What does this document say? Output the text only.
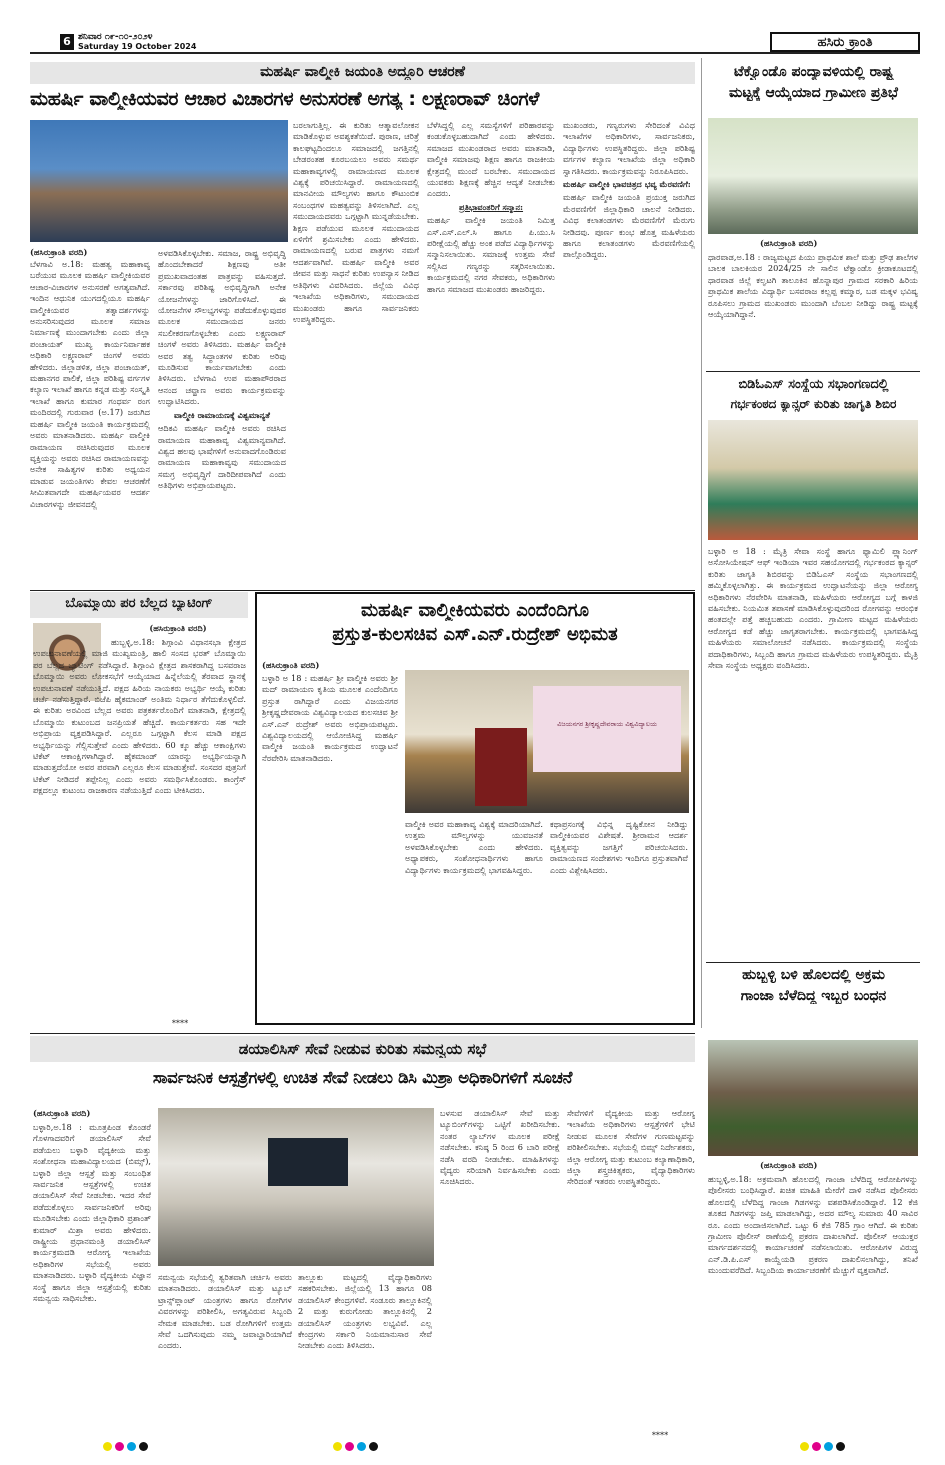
6 ಶನಿವಾರ ೧೯-೧೦-೨೦೨೪
Saturday 19 October 2024	ಹಸಿರು ಕ್ರಾಂತಿ
ಮಹರ್ಷಿ ವಾಲ್ಮೀಕಿ ಜಯಂತಿ ಅದ್ಧೂರಿ ಆಚರಣೆ
ಮಹರ್ಷಿ ವಾಲ್ಮೀಕಿಯವರ ಆಚಾರ ವಿಚಾರಗಳ ಅನುಸರಣೆ ಅಗತ್ಯ : ಲಕ್ಷ್ಮಣರಾವ್ ಚಿಂಗಳೆ
(ಹಸಿರುಕ್ರಾಂತಿ ವರದಿ)
ಬೆಳಗಾವಿ ಅ.18: ಮಹತ್ವ ಮಹಾಕಾವ್ಯ ಬರೆಯುವ ಮೂಲಕ ಮಹರ್ಷಿ ವಾಲ್ಮೀಕಿಯವರ ಆಚಾರ-ವಿಚಾರಗಳ ಅನುಸರಣೆ ಅಗತ್ಯವಾಗಿದೆ. ಇಂದಿನ ಆಧುನಿಕ ಯುಗದಲ್ಲಿಯೂ ಮಹರ್ಷಿ ವಾಲ್ಮೀಕಿಯವರ ತತ್ವಾದರ್ಶಗಳನ್ನು ಅನುಸರಿಸುವುದರ ಮೂಲಕ ಸಮಾಜ ನಿರ್ಮಾಣಕ್ಕೆ ಮುಂದಾಗಬೇಕು ಎಂದು ಜಿಲ್ಲಾ ಪಂಚಾಯತ್ ಮುಖ್ಯ ಕಾರ್ಯನಿರ್ವಾಹಕ ಅಧಿಕಾರಿ ಲಕ್ಷ್ಮಣರಾವ್ ಚಿಂಗಳೆ ಅವರು ಹೇಳಿದರು. ಜಿಲ್ಲಾಡಳಿತ, ಜಿಲ್ಲಾ ಪಂಚಾಯತ್, ಮಹಾನಗರ ಪಾಲಿಕೆ, ಜಿಲ್ಲಾ ಪರಿಶಿಷ್ಟ ವರ್ಗಗಳ ಕಲ್ಯಾಣ ಇಲಾಖೆ ಹಾಗೂ ಕನ್ನಡ ಮತ್ತು ಸಂಸ್ಕೃತಿ ಇಲಾಖೆ ಹಾಗೂ ಕುಮಾರ ಗಂಧರ್ವ ರಂಗ ಮಂದಿರದಲ್ಲಿ ಗುರುವಾರ (ಅ.17) ಜರುಗಿದ ಮಹರ್ಷಿ ವಾಲ್ಮೀಕಿ ಜಯಂತಿ ಕಾರ್ಯಕ್ರಮದಲ್ಲಿ ಅವರು ಮಾತನಾಡಿದರು. ಮಹರ್ಷಿ ವಾಲ್ಮೀಕಿ ರಾಮಾಯಣ ರಚಿಸಿರುವುದರ ಮೂಲಕ ವ್ಯಕ್ತಿಯನ್ನು ಅವರು ರಚಿಸಿದ ರಾಮಾಯಣವನ್ನು ಅನೇಕ ಸಾಹಿತ್ಯಗಳ ಕುರಿತು ಅಧ್ಯಯನ ಮಾಡುವ ಜಯಂತಿಗಳು ಕೇವಲ ಆಚರಣೆಗೆ ಸೀಮಿತವಾಗದೇ ಮಹರ್ಷಿಯವರ ಆದರ್ಶ ವಿಚಾರಗಳನ್ನು ಜೀವನದಲ್ಲಿ
ಅಳವಡಿಸಿಕೊಳ್ಳಬೇಕು. ಸಮಾಜ, ರಾಷ್ಟ್ರ ಅಭಿವೃದ್ಧಿ ಹೊಂದಬೇಕಾದರೆ ಶಿಕ್ಷಣವು ಅತೀ ಪ್ರಮುಖವಾದಂತಹ ಪಾತ್ರವನ್ನು ವಹಿಸುತ್ತದೆ. ಸರ್ಕಾರವು ಪರಿಶಿಷ್ಟ ಅಭಿವೃದ್ಧಿಗಾಗಿ ಅನೇಕ ಯೋಜನೆಗಳನ್ನು ಜಾರಿಗೊಳಿಸಿದೆ. ಈ ಯೋಜನೆಗಳ ಸೌಲಭ್ಯಗಳನ್ನು ಪಡೆದುಕೊಳ್ಳುವುದರ ಮೂಲಕ ಸಮುದಾಯದ ಜನರು ಸಬಲೀಕರಣಗೊಳ್ಳಬೇಕು ಎಂದು ಲಕ್ಷ್ಮಣರಾವ್ ಚಿಂಗಳೆ ಅವರು ತಿಳಿಸಿದರು. ಮಹರ್ಷಿ ವಾಲ್ಮೀಕಿ ಅವರ ತತ್ವ ಸಿದ್ಧಾಂತಗಳ ಕುರಿತು ಅರಿವು ಮೂಡಿಸುವ ಕಾರ್ಯವಾಗಬೇಕು ಎಂದು ತಿಳಿಸಿದರು. ಬೆಳಗಾವಿ ಉಪ ಮಹಾಪೌರರಾದ ಆನಂದ ಚವ್ಹಾಣ ಅವರು ಕಾರ್ಯಕ್ರಮವನ್ನು ಉದ್ಘಾಟಿಸಿದರು.
ವಾಲ್ಮೀಕಿ ರಾಮಾಯಣಕ್ಕೆ ವಿಶ್ವಮಾನ್ಯತೆ
ಆದಿಕವಿ ಮಹರ್ಷಿ ವಾಲ್ಮೀಕಿ ಅವರು ರಚಿಸಿದ ರಾಮಾಯಣ ಮಹಾಕಾವ್ಯ ವಿಶ್ವಮಾನ್ಯವಾಗಿದೆ. ವಿಶ್ವದ ಹಲವು ಭಾಷೆಗಳಿಗೆ ಅನುವಾದಗೊಂಡಿರುವ ರಾಮಾಯಣ ಮಹಾಕಾವ್ಯವು ಸಮುದಾಯದ ಸಮಗ್ರ ಅಭಿವೃದ್ಧಿಗೆ ದಾರಿದೀಪವಾಗಿದೆ ಎಂದು ಅತಿಥಿಗಳು ಅಭಿಪ್ರಾಯಪಟ್ಟರು.
ಬರಲಾಗುತ್ತಿಲ್ಲ. ಈ ಕುರಿತು ಆತ್ಮಾವಲೋಕನ ಮಾಡಿಕೊಳ್ಳುವ ಅವಶ್ಯಕತೆಯಿದೆ. ಪುರಾಣ, ಚರಿತ್ರೆ ಕಾಲಘಟ್ಟದಿಂದಲೂ ಸಮಾಜದಲ್ಲಿ ಜಗತ್ತಿನಲ್ಲಿ ಬೇಡರಂತಹ ಕೂರಬಯಲು ಅವರು ಸಮರ್ಥ ಮಹಾಕಾವ್ಯಗಳಲ್ಲಿ ರಾಮಾಯಣದ ಮೂಲಕ ವಿಶ್ವಕ್ಕೆ ಪರಿಚಯಿಸಿದ್ದಾರೆ. ರಾಮಾಯಣದಲ್ಲಿ ಮಾನವೀಯ ಮೌಲ್ಯಗಳು ಹಾಗೂ ಕೌಟುಂಬಿಕ ಸಂಬಂಧಗಳ ಮಹತ್ವವನ್ನು ತಿಳಿಸಲಾಗಿದೆ. ಎಲ್ಲ ಸಮುದಾಯದವರು ಒಗ್ಗಟ್ಟಾಗಿ ಮುನ್ನಡೆಯಬೇಕು. ಶಿಕ್ಷಣ ಪಡೆಯುವ ಮೂಲಕ ಸಮುದಾಯದ ಏಳಿಗೆಗೆ ಶ್ರಮಿಸಬೇಕು ಎಂದು ಹೇಳಿದರು. ರಾಮಾಯಣದಲ್ಲಿ ಬರುವ ಪಾತ್ರಗಳು ನಮಗೆ ಆದರ್ಶವಾಗಿವೆ. ಮಹರ್ಷಿ ವಾಲ್ಮೀಕಿ ಅವರ ಜೀವನ ಮತ್ತು ಸಾಧನೆ ಕುರಿತು ಉಪನ್ಯಾಸ ನೀಡಿದ ಅತಿಥಿಗಳು ವಿವರಿಸಿದರು. ಜಿಲ್ಲೆಯ ವಿವಿಧ ಇಲಾಖೆಯ ಅಧಿಕಾರಿಗಳು, ಸಮುದಾಯದ ಮುಖಂಡರು ಹಾಗೂ ಸಾರ್ವಜನಿಕರು ಉಪಸ್ಥಿತರಿದ್ದರು.
ಬೆಳೆಸಿದ್ದಲ್ಲಿ ಎಲ್ಲ ಸಮಸ್ಯೆಗಳಿಗೆ ಪರಿಹಾರವನ್ನು ಕಂಡುಕೊಳ್ಳಬಹುದಾಗಿದೆ ಎಂದು ಹೇಳಿದರು. ಸಮಾಜದ ಮುಖಂಡರಾದ ಅವರು ಮಾತನಾಡಿ, ವಾಲ್ಮೀಕಿ ಸಮಾಜವು ಶಿಕ್ಷಣ ಹಾಗೂ ರಾಜಕೀಯ ಕ್ಷೇತ್ರದಲ್ಲಿ ಮುಂದೆ ಬರಬೇಕು. ಸಮುದಾಯದ ಯುವಕರು ಶಿಕ್ಷಣಕ್ಕೆ ಹೆಚ್ಚಿನ ಆದ್ಯತೆ ನೀಡಬೇಕು ಎಂದರು.
ಪ್ರತಿಭಾವಂತರಿಗೆ ಸನ್ಮಾನ:
ಮಹರ್ಷಿ ವಾಲ್ಮೀಕಿ ಜಯಂತಿ ನಿಮಿತ್ತ ಎಸ್.ಎಸ್.ಎಲ್.ಸಿ ಹಾಗೂ ಪಿ.ಯು.ಸಿ ಪರೀಕ್ಷೆಯಲ್ಲಿ ಹೆಚ್ಚು ಅಂಕ ಪಡೆದ ವಿದ್ಯಾರ್ಥಿಗಳನ್ನು ಸನ್ಮಾನಿಸಲಾಯಿತು. ಸಮಾಜಕ್ಕೆ ಉತ್ತಮ ಸೇವೆ ಸಲ್ಲಿಸಿದ ಗಣ್ಯರನ್ನು ಸತ್ಕರಿಸಲಾಯಿತು. ಕಾರ್ಯಕ್ರಮದಲ್ಲಿ ನಗರ ಸೇವಕರು, ಅಧಿಕಾರಿಗಳು ಹಾಗೂ ಸಮಾಜದ ಮುಖಂಡರು ಹಾಜರಿದ್ದರು.
ಮುಖಂಡರು, ಗಣ್ಯರುಗಳು ಸೇರಿದಂತೆ ವಿವಿಧ ಇಲಾಖೆಗಳ ಅಧಿಕಾರಿಗಳು, ಸಾರ್ವಜನಿಕರು, ವಿದ್ಯಾರ್ಥಿಗಳು ಉಪಸ್ಥಿತರಿದ್ದರು. ಜಿಲ್ಲಾ ಪರಿಶಿಷ್ಟ ವರ್ಗಗಳ ಕಲ್ಯಾಣ ಇಲಾಖೆಯ ಜಿಲ್ಲಾ ಅಧಿಕಾರಿ ಸ್ವಾಗತಿಸಿದರು. ಕಾರ್ಯಕ್ರಮವನ್ನು ನಿರೂಪಿಸಿದರು.
ಮಹರ್ಷಿ ವಾಲ್ಮೀಕಿ ಭಾವಚಿತ್ರದ ಭವ್ಯ ಮೆರವಣಿಗೆ:
ಮಹರ್ಷಿ ವಾಲ್ಮೀಕಿ ಜಯಂತಿ ಪ್ರಯುಕ್ತ ಜರುಗಿದ ಮೆರವಣಿಗೆಗೆ ಜಿಲ್ಲಾಧಿಕಾರಿ ಚಾಲನೆ ನೀಡಿದರು. ವಿವಿಧ ಕಲಾತಂಡಗಳು ಮೆರವಣಿಗೆಗೆ ಮೆರುಗು ನೀಡಿದವು. ಪೂರ್ಣ ಕುಂಭ ಹೊತ್ತ ಮಹಿಳೆಯರು ಹಾಗೂ ಕಲಾತಂಡಗಳು ಮೆರವಣಿಗೆಯಲ್ಲಿ ಪಾಲ್ಗೊಂಡಿದ್ದರು.
ಟೆಕ್ವೊಂಡೊ ಪಂದ್ಯಾವಳಿಯಲ್ಲಿ ರಾಷ್ಟ್ರ
ಮಟ್ಟಕ್ಕೆ ಆಯ್ಕೆಯಾದ ಗ್ರಾಮೀಣ ಪ್ರತಿಭೆ
(ಹಸಿರುಕ್ರಾಂತಿ ವರದಿ)
ಧಾರವಾಡ,ಅ.18 : ರಾಜ್ಯಮಟ್ಟದ ಪಿಯು ಪ್ರಾಥಮಿಕ ಶಾಲೆ ಮತ್ತು ಪ್ರೌಢ ಶಾಲೆಗಳ ಬಾಲಕ ಬಾಲಕಿಯರ 2024/25 ನೇ ಸಾಲಿನ ಟೆಕ್ವಾಂಡೊ ಕ್ರೀಡಾಕೂಟದಲ್ಲಿ ಧಾರವಾಡ ಜಿಲ್ಲೆ ಕಲ್ಘಟಗಿ ತಾಲೂಕಿನ ಹೊನ್ನಾಪುರ ಗ್ರಾಮದ ಸರಕಾರಿ ಹಿರಿಯ ಪ್ರಾಥಮಿಕ ಶಾಲೆಯ ವಿದ್ಯಾರ್ಥಿ ಬಸವರಾಜ ಕಲ್ಲಪ್ಪ ಕಮ್ಮಾರ, ಬಡ ಮಕ್ಕಳ ಭವಿಷ್ಯ ರೂಪಿಸಲು ಗ್ರಾಮದ ಮುಖಂಡರು ಮುಂದಾಗಿ ಬೆಂಬಲ ನೀಡಿದ್ದು ರಾಷ್ಟ್ರ ಮಟ್ಟಕ್ಕೆ ಆಯ್ಕೆಯಾಗಿದ್ದಾನೆ.
ಬಿಡಿಓಎಸ್ ಸಂಸ್ಥೆಯ ಸಭಾಂಗಣದಲ್ಲಿ
ಗರ್ಭಕಂಠದ ಕ್ಯಾನ್ಸರ್ ಕುರಿತು ಜಾಗೃತಿ ಶಿಬಿರ
ಬಳ್ಳಾರಿ ಅ 18 : ಮೈತ್ರಿ ಸೇವಾ ಸಂಸ್ಥೆ ಹಾಗೂ ಫ್ಯಾಮಿಲಿ ಪ್ಲ್ಯಾನಿಂಗ್ ಅಸೋಸಿಯೇಷನ್ ಆಫ್ ಇಂಡಿಯಾ ಇವರ ಸಹಯೋಗದಲ್ಲಿ ಗರ್ಭಕಂಠದ ಕ್ಯಾನ್ಸರ್ ಕುರಿತು ಜಾಗೃತಿ ಶಿಬಿರವನ್ನು ಬಿಡಿಓಎಸ್ ಸಂಸ್ಥೆಯ ಸಭಾಂಗಣದಲ್ಲಿ ಹಮ್ಮಿಕೊಳ್ಳಲಾಗಿತ್ತು. ಈ ಕಾರ್ಯಕ್ರಮದ ಉದ್ಘಾಟನೆಯನ್ನು ಜಿಲ್ಲಾ ಆರೋಗ್ಯ ಅಧಿಕಾರಿಗಳು ನೆರವೇರಿಸಿ ಮಾತನಾಡಿ, ಮಹಿಳೆಯರು ಆರೋಗ್ಯದ ಬಗ್ಗೆ ಕಾಳಜಿ ವಹಿಸಬೇಕು. ನಿಯಮಿತ ತಪಾಸಣೆ ಮಾಡಿಸಿಕೊಳ್ಳುವುದರಿಂದ ರೋಗವನ್ನು ಆರಂಭಿಕ ಹಂತದಲ್ಲೇ ಪತ್ತೆ ಹಚ್ಚಬಹುದು ಎಂದರು. ಗ್ರಾಮೀಣ ಮಟ್ಟದ ಮಹಿಳೆಯರು ಆರೋಗ್ಯದ ಕಡೆ ಹೆಚ್ಚು ಜಾಗೃತರಾಗಬೇಕು. ಕಾರ್ಯಕ್ರಮದಲ್ಲಿ ಭಾಗವಹಿಸಿದ್ದ ಮಹಿಳೆಯರು ಸಮಾಲೋಚನೆ ನಡೆಸಿದರು. ಕಾರ್ಯಕ್ರಮದಲ್ಲಿ ಸಂಸ್ಥೆಯ ಪದಾಧಿಕಾರಿಗಳು, ಸಿಬ್ಬಂದಿ ಹಾಗೂ ಗ್ರಾಮದ ಮಹಿಳೆಯರು ಉಪಸ್ಥಿತರಿದ್ದರು. ಮೈತ್ರಿ ಸೇವಾ ಸಂಸ್ಥೆಯ ಅಧ್ಯಕ್ಷರು ವಂದಿಸಿದರು.
ಹುಬ್ಬಳ್ಳಿ ಬಳಿ ಹೊಲದಲ್ಲಿ ಅಕ್ರಮ
ಗಾಂಜಾ ಬೆಳೆದಿದ್ದ ಇಬ್ಬರ ಬಂಧನ
(ಹಸಿರುಕ್ರಾಂತಿ ವರದಿ)
ಹುಬ್ಬಳ್ಳಿ,ಅ.18: ಅಕ್ರಮವಾಗಿ ಹೊಲದಲ್ಲಿ ಗಾಂಜಾ ಬೆಳೆದಿದ್ದ ಆರೋಪಿಗಳನ್ನು ಪೊಲೀಸರು ಬಂಧಿಸಿದ್ದಾರೆ. ಖಚಿತ ಮಾಹಿತಿ ಮೇರೆಗೆ ದಾಳಿ ನಡೆಸಿದ ಪೊಲೀಸರು ಹೊಲದಲ್ಲಿ ಬೆಳೆದಿದ್ದ ಗಾಂಜಾ ಗಿಡಗಳನ್ನು ವಶಪಡಿಸಿಕೊಂಡಿದ್ದಾರೆ. 12 ಕೆಜಿ ತೂಕದ ಗಿಡಗಳನ್ನು ಜಪ್ತಿ ಮಾಡಲಾಗಿದ್ದು, ಅದರ ಮೌಲ್ಯ ಸುಮಾರು 40 ಸಾವಿರ ರೂ. ಎಂದು ಅಂದಾಜಿಸಲಾಗಿದೆ. ಒಟ್ಟು 6 ಕೆಜಿ 785 ಗ್ರಾಂ ಆಗಿದೆ. ಈ ಕುರಿತು ಗ್ರಾಮೀಣ ಪೊಲೀಸ್ ಠಾಣೆಯಲ್ಲಿ ಪ್ರಕರಣ ದಾಖಲಾಗಿದೆ. ಪೊಲೀಸ್ ಆಯುಕ್ತರ ಮಾರ್ಗದರ್ಶನದಲ್ಲಿ ಕಾರ್ಯಾಚರಣೆ ನಡೆಸಲಾಯಿತು. ಆರೋಪಿಗಳ ವಿರುದ್ಧ ಎನ್.ಡಿ.ಪಿ.ಎಸ್ ಕಾಯ್ದೆಯಡಿ ಪ್ರಕರಣ ದಾಖಲಿಸಲಾಗಿದ್ದು, ತನಿಖೆ ಮುಂದುವರೆದಿದೆ. ಸಿಬ್ಬಂದಿಯ ಕಾರ್ಯಾಚರಣೆಗೆ ಮೆಚ್ಚುಗೆ ವ್ಯಕ್ತವಾಗಿದೆ.
ಬೊಮ್ಮಾಯಿ ಪರ ಬೆಲ್ಲದ ಬ್ಯಾಟಿಂಗ್
(ಹಸಿರುಕ್ರಾಂತಿ ವರದಿ)
ಹುಬ್ಬಳ್ಳಿ,ಅ.18: ಶಿಗ್ಗಾಂವಿ ವಿಧಾನಸಭಾ ಕ್ಷೇತ್ರದ ಉಪಚುನಾವಣೆಯಲ್ಲಿ ಮಾಜಿ ಮುಖ್ಯಮಂತ್ರಿ, ಹಾಲಿ ಸಂಸದ ಭರತ್ ಬೊಮ್ಮಾಯಿ ಪರ ಬೆಲ್ಲದ ಬ್ಯಾಟಿಂಗ್ ನಡೆಸಿದ್ದಾರೆ. ಶಿಗ್ಗಾಂವಿ ಕ್ಷೇತ್ರದ ಶಾಸಕರಾಗಿದ್ದ ಬಸವರಾಜ ಬೊಮ್ಮಾಯಿ ಅವರು ಲೋಕಸಭೆಗೆ ಆಯ್ಕೆಯಾದ ಹಿನ್ನೆಲೆಯಲ್ಲಿ ತೆರವಾದ ಸ್ಥಾನಕ್ಕೆ ಉಪಚುನಾವಣೆ ನಡೆಯುತ್ತಿದೆ. ಪಕ್ಷದ ಹಿರಿಯ ನಾಯಕರು ಅಭ್ಯರ್ಥಿ ಆಯ್ಕೆ ಕುರಿತು ಚರ್ಚೆ ನಡೆಸುತ್ತಿದ್ದಾರೆ. ಬಿಜೆಪಿ ಹೈಕಮಾಂಡ್ ಅಂತಿಮ ನಿರ್ಧಾರ ತೆಗೆದುಕೊಳ್ಳಲಿದೆ. ಈ ಕುರಿತು ಅರವಿಂದ ಬೆಲ್ಲದ ಅವರು ಪತ್ರಕರ್ತರೊಂದಿಗೆ ಮಾತನಾಡಿ, ಕ್ಷೇತ್ರದಲ್ಲಿ ಬೊಮ್ಮಾಯಿ ಕುಟುಂಬದ ಜನಪ್ರಿಯತೆ ಹೆಚ್ಚಿದೆ. ಕಾರ್ಯಕರ್ತರು ಸಹ ಇದೇ ಅಭಿಪ್ರಾಯ ವ್ಯಕ್ತಪಡಿಸಿದ್ದಾರೆ. ಎಲ್ಲರೂ ಒಗ್ಗಟ್ಟಾಗಿ ಕೆಲಸ ಮಾಡಿ ಪಕ್ಷದ ಅಭ್ಯರ್ಥಿಯನ್ನು ಗೆಲ್ಲಿಸುತ್ತೇವೆ ಎಂದು ಹೇಳಿದರು. 60 ಕ್ಕೂ ಹೆಚ್ಚು ಆಕಾಂಕ್ಷಿಗಳು ಟಿಕೆಟ್ ಆಕಾಂಕ್ಷಿಗಳಾಗಿದ್ದಾರೆ. ಹೈಕಮಾಂಡ್ ಯಾರನ್ನು ಅಭ್ಯರ್ಥಿಯನ್ನಾಗಿ ಮಾಡುತ್ತದೆಯೋ ಅವರ ಪರವಾಗಿ ಎಲ್ಲರೂ ಕೆಲಸ ಮಾಡುತ್ತೇವೆ. ಸಂಸದರ ಪುತ್ರನಿಗೆ ಟಿಕೆಟ್ ನೀಡಿದರೆ ತಪ್ಪೇನಿಲ್ಲ ಎಂದು ಅವರು ಸಮರ್ಥಿಸಿಕೊಂಡರು. ಕಾಂಗ್ರೆಸ್ ಪಕ್ಷದಲ್ಲೂ ಕುಟುಂಬ ರಾಜಕಾರಣ ನಡೆಯುತ್ತಿದೆ ಎಂದು ಟೀಕಿಸಿದರು.
****
ಮಹರ್ಷಿ ವಾಲ್ಮೀಕಿಯವರು ಎಂದೆಂದಿಗೂ
ಪ್ರಸ್ತುತ-ಕುಲಸಚಿವ ಎಸ್.ಎನ್.ರುದ್ರೇಶ್ ಅಭಿಮತ
(ಹಸಿರುಕ್ರಾಂತಿ ವರದಿ)
ಬಳ್ಳಾರಿ ಅ 18 : ಮಹರ್ಷಿ ಶ್ರೀ ವಾಲ್ಮೀಕಿ ಅವರು ಶ್ರೀ ಮದ್ ರಾಮಾಯಣ ಕೃತಿಯ ಮೂಲಕ ಎಂದೆಂದಿಗೂ ಪ್ರಸ್ತುತ ರಾಗಿದ್ದಾರೆ ಎಂದು ವಿಜಯನಗರ ಶ್ರೀಕೃಷ್ಣದೇವರಾಯ ವಿಶ್ವವಿದ್ಯಾಲಯದ ಕುಲಸಚಿವ ಶ್ರೀ ಎಸ್.ಎನ್ ರುದ್ರೇಶ್ ಅವರು ಅಭಿಪ್ರಾಯಪಟ್ಟರು. ವಿಶ್ವವಿದ್ಯಾಲಯದಲ್ಲಿ ಆಯೋಜಿಸಿದ್ದ ಮಹರ್ಷಿ ವಾಲ್ಮೀಕಿ ಜಯಂತಿ ಕಾರ್ಯಕ್ರಮದ ಉದ್ಘಾಟನೆ ನೆರವೇರಿಸಿ ಮಾತನಾಡಿದರು.
ವಿಜಯನಗರ ಶ್ರೀಕೃಷ್ಣದೇವರಾಯ ವಿಶ್ವವಿದ್ಯಾಲಯ
ವಾಲ್ಮೀಕಿ ಅವರ ಮಹಾಕಾವ್ಯ ವಿಶ್ವಕ್ಕೆ ಮಾದರಿಯಾಗಿದೆ. ಉತ್ತಮ ಮೌಲ್ಯಗಳನ್ನು ಯುವಜನತೆ ಅಳವಡಿಸಿಕೊಳ್ಳಬೇಕು ಎಂದು ಹೇಳಿದರು. ಅಧ್ಯಾಪಕರು, ಸಂಶೋಧನಾರ್ಥಿಗಳು ಹಾಗೂ ವಿದ್ಯಾರ್ಥಿಗಳು ಕಾರ್ಯಕ್ರಮದಲ್ಲಿ ಭಾಗವಹಿಸಿದ್ದರು.
ಕಥಾಪ್ರಸಂಗಕ್ಕೆ ವಿಭಿನ್ನ ದೃಷ್ಟಿಕೋನ ನೀಡಿದ್ದು ವಾಲ್ಮೀಕಿಯವರ ವಿಶೇಷತೆ. ಶ್ರೀರಾಮನ ಆದರ್ಶ ವ್ಯಕ್ತಿತ್ವವನ್ನು ಜಗತ್ತಿಗೆ ಪರಿಚಯಿಸಿದರು. ರಾಮಾಯಣದ ಸಂದೇಶಗಳು ಇಂದಿಗೂ ಪ್ರಸ್ತುತವಾಗಿವೆ ಎಂದು ವಿಶ್ಲೇಷಿಸಿದರು.
ಡಯಾಲಿಸಿಸ್ ಸೇವೆ ನೀಡುವ ಕುರಿತು ಸಮನ್ವಯ ಸಭೆ
ಸಾರ್ವಜನಿಕ ಆಸ್ಪತ್ರೆಗಳಲ್ಲಿ ಉಚಿತ ಸೇವೆ ನೀಡಲು ಡಿಸಿ ಮಿಶ್ರಾ ಅಧಿಕಾರಿಗಳಿಗೆ ಸೂಚನೆ
(ಹಸಿರುಕ್ರಾಂತಿ ವರದಿ)
ಬಳ್ಳಾರಿ,ಅ.18 : ಮೂತ್ರಪಿಂಡ ಕೊಂಡರೆ ಗೊಳಗಾದವರಿಗೆ ಡಯಾಲಿಸಿಸ್ ಸೇವೆ ಪಡೆಯಲು ಬಳ್ಳಾರಿ ವೈದ್ಯಕೀಯ ಮತ್ತು ಸಂಶೋಧನಾ ಮಹಾವಿದ್ಯಾಲಯದ (ಬಿಮ್ಸ್), ಬಳ್ಳಾರಿ ಜಿಲ್ಲಾ ಆಸ್ಪತ್ರೆ ಮತ್ತು ಸಂಬಂಧಿತ ಸಾರ್ವಜನಿಕ ಆಸ್ಪತ್ರೆಗಳಲ್ಲಿ ಉಚಿತ ಡಯಾಲಿಸಿಸ್ ಸೇವೆ ನೀಡಬೇಕು. ಇದರ ಸೇವೆ ಪಡೆದುಕೊಳ್ಳಲು ಸಾರ್ವಜನಿಕರಿಗೆ ಅರಿವು ಮೂಡಿಸಬೇಕು ಎಂದು ಜಿಲ್ಲಾಧಿಕಾರಿ ಪ್ರಶಾಂತ್ ಕುಮಾರ್ ಮಿಶ್ರಾ ಅವರು ಹೇಳಿದರು. ರಾಷ್ಟ್ರೀಯ ಪ್ರಧಾನಮಂತ್ರಿ ಡಯಾಲಿಸಿಸ್ ಕಾರ್ಯಕ್ರಮದಡಿ ಆರೋಗ್ಯ ಇಲಾಖೆಯ ಅಧಿಕಾರಿಗಳ ಸಭೆಯಲ್ಲಿ ಅವರು ಮಾತನಾಡಿದರು. ಬಳ್ಳಾರಿ ವೈದ್ಯಕೀಯ ವಿಜ್ಞಾನ ಸಂಸ್ಥೆ ಹಾಗೂ ಜಿಲ್ಲಾ ಆಸ್ಪತ್ರೆಯಲ್ಲಿ ಕುರಿತು ಸಮನ್ವಯ ಸಾಧಿಸಬೇಕು.
ಸಮನ್ವಯ ಸಭೆಯಲ್ಲಿ ತ್ವರಿತವಾಗಿ ಚರ್ಚಿಸಿ ಅವರು ಮಾತನಾಡಿದರು. ಡಯಾಲಿಸಿಸ್ ಮತ್ತು ಟ್ಯೂಬ್ ಟ್ರಾನ್ಸ್‌ಪ್ಲಾಂಟ್ ಯಂತ್ರಗಳು ಹಾಗೂ ರೋಗಿಗಳ ವಿವರಗಳನ್ನು ಪರಿಶೀಲಿಸಿ, ಅಗತ್ಯವಿರುವ ಸಿಬ್ಬಂದಿ ನೇಮಕ ಮಾಡಬೇಕು. ಬಡ ರೋಗಿಗಳಿಗೆ ಉತ್ತಮ ಸೇವೆ ಒದಗಿಸುವುದು ನಮ್ಮ ಜವಾಬ್ದಾರಿಯಾಗಿದೆ ಎಂದರು.
ತಾಲ್ಲೂಕು ಮಟ್ಟದಲ್ಲಿ ವೈದ್ಯಾಧಿಕಾರಿಗಳು ಸಹಕರಿಸಬೇಕು. ಜಿಲ್ಲೆಯಲ್ಲಿ 13 ಹಾಗೂ 08 ಡಯಾಲಿಸಿಸ್ ಕೇಂದ್ರಗಳಿವೆ. ಸಂಡೂರು ತಾಲ್ಲೂಕಿನಲ್ಲಿ 2 ಮತ್ತು ಕುರುಗೋಡು ತಾಲ್ಲೂಕಿನಲ್ಲಿ 2 ಡಯಾಲಿಸಿಸ್ ಯಂತ್ರಗಳು ಲಭ್ಯವಿವೆ. ಎಲ್ಲ ಕೇಂದ್ರಗಳು ಸರ್ಕಾರಿ ನಿಯಮಾನುಸಾರ ಸೇವೆ ನೀಡಬೇಕು ಎಂದು ತಿಳಿಸಿದರು.
ಬಳಸುವ ಡಯಾಲಿಸಿಸ್ ಸೇವೆ ಮತ್ತು ಟ್ಯೂಬಿಂಗ್‌ಗಳನ್ನು ಒಟ್ಟಿಗೆ ಖರೀದಿಸಬೇಕು. ನಂತರ ಲ್ಯಾಬ್‌ಗಳ ಮೂಲಕ ಪರೀಕ್ಷೆ ನಡೆಸಬೇಕು. ಕನಿಷ್ಠ 5 ರಿಂದ 6 ಬಾರಿ ಪರೀಕ್ಷೆ ನಡೆಸಿ ವರದಿ ನೀಡಬೇಕು. ಮಾಹಿತಿಗಳನ್ನು ವೈದ್ಯರು ಸರಿಯಾಗಿ ನಿರ್ವಹಿಸಬೇಕು ಎಂದು ಸೂಚಿಸಿದರು.
ಸೇವೆಗಳಿಗೆ ವೈದ್ಯಕೀಯ ಮತ್ತು ಆರೋಗ್ಯ ಇಲಾಖೆಯ ಅಧಿಕಾರಿಗಳು ಆಸ್ಪತ್ರೆಗಳಿಗೆ ಭೇಟಿ ನೀಡುವ ಮೂಲಕ ಸೇವೆಗಳ ಗುಣಮಟ್ಟವನ್ನು ಪರಿಶೀಲಿಸಬೇಕು. ಸಭೆಯಲ್ಲಿ ಬಿಮ್ಸ್ ನಿರ್ದೇಶಕರು, ಜಿಲ್ಲಾ ಆರೋಗ್ಯ ಮತ್ತು ಕುಟುಂಬ ಕಲ್ಯಾಣಾಧಿಕಾರಿ, ಜಿಲ್ಲಾ ಶಸ್ತ್ರಚಿಕಿತ್ಸಕರು, ವೈದ್ಯಾಧಿಕಾರಿಗಳು ಸೇರಿದಂತೆ ಇತರರು ಉಪಸ್ಥಿತರಿದ್ದರು.
****
